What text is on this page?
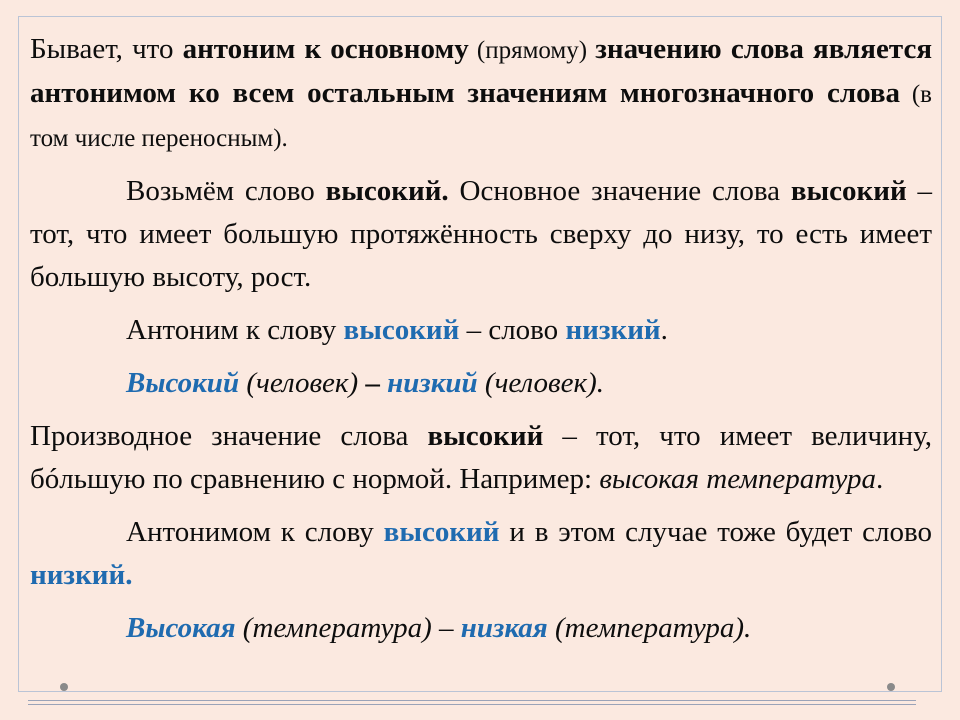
Бывает, что антоним к основному (прямому) значению слова является антонимом ко всем остальным значениям многозначного слова (в том числе переносным).

Возьмём слово высокий. Основное значение слова высокий – тот, что имеет большую протяжённость сверху до низу, то есть имеет большую высоту, рост.

Антоним к слову высокий – слово низкий.

Высокий (человек) – низкий (человек).

Производное значение слова высокий – тот, что имеет величину, бóльшую по сравнению с нормой. Например: высокая температура.

Антонимом к слову высокий и в этом случае тоже будет слово низкий.

Высокая (температура) – низкая (температура).
